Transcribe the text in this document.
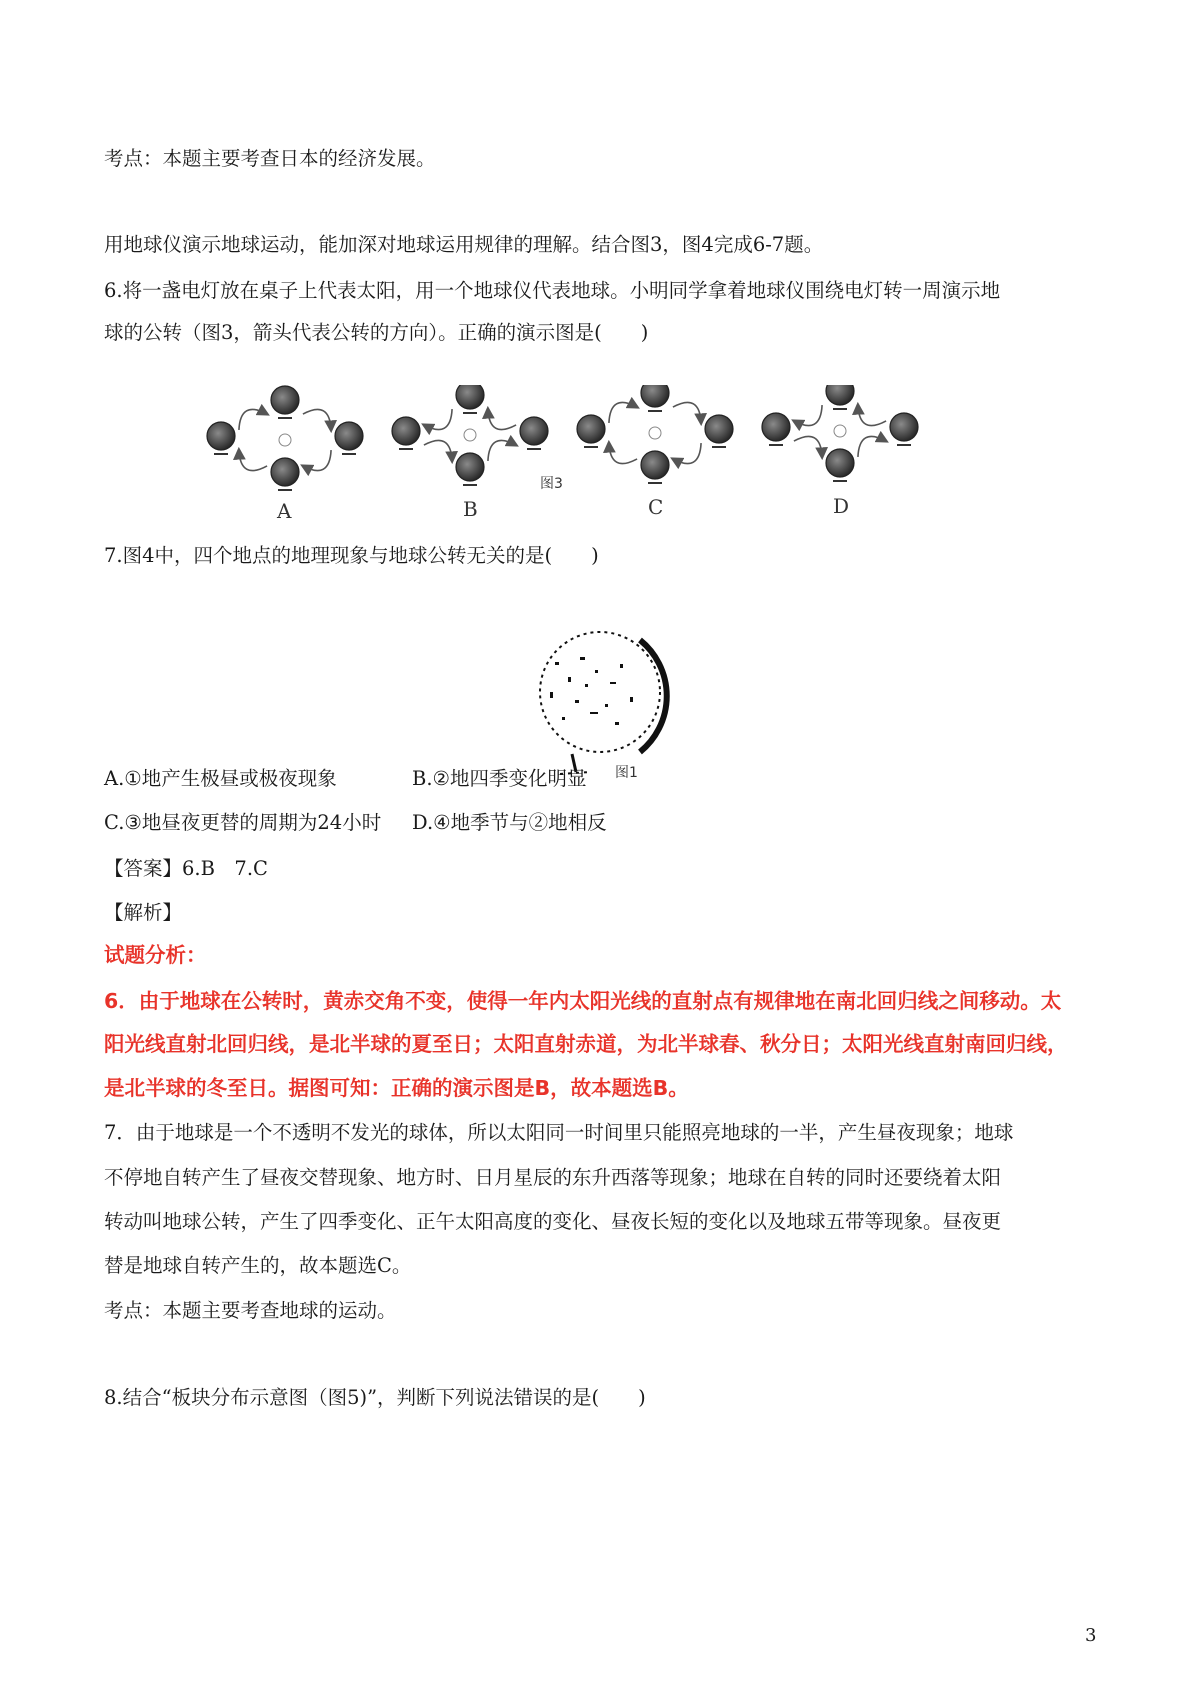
考点：本题主要考查日本的经济发展。
用地球仪演示地球运动，能加深对地球运用规律的理解。结合图3，图4完成6-7题。
6.将一盏电灯放在桌子上代表太阳，用一个地球仪代表地球。小明同学拿着地球仪围绕电灯转一周演示地
球的公转（图3，箭头代表公转的方向）。正确的演示图是(　　)
图3
A	B	C	D
7.图4中，四个地点的地理现象与地球公转无关的是(　　)
图1
A.①地产生极昼或极夜现象	B.②地四季变化明显
C.③地昼夜更替的周期为24小时 D.④地季节与②地相反
【答案】6.B　7.C
【解析】
试题分析：
6．由于地球在公转时，黄赤交角不变，使得一年内太阳光线的直射点有规律地在南北回归线之间移动。太
阳光线直射北回归线，是北半球的夏至日；太阳直射赤道，为北半球春、秋分日；太阳光线直射南回归线，
是北半球的冬至日。据图可知：正确的演示图是B，故本题选B。
7．由于地球是一个不透明不发光的球体，所以太阳同一时间里只能照亮地球的一半，产生昼夜现象；地球
不停地自转产生了昼夜交替现象、地方时、日月星辰的东升西落等现象；地球在自转的同时还要绕着太阳
转动叫地球公转，产生了四季变化、正午太阳高度的变化、昼夜长短的变化以及地球五带等现象。昼夜更
替是地球自转产生的，故本题选C。
考点：本题主要考查地球的运动。
8.结合“板块分布示意图（图5)”，判断下列说法错误的是(　　)
3
